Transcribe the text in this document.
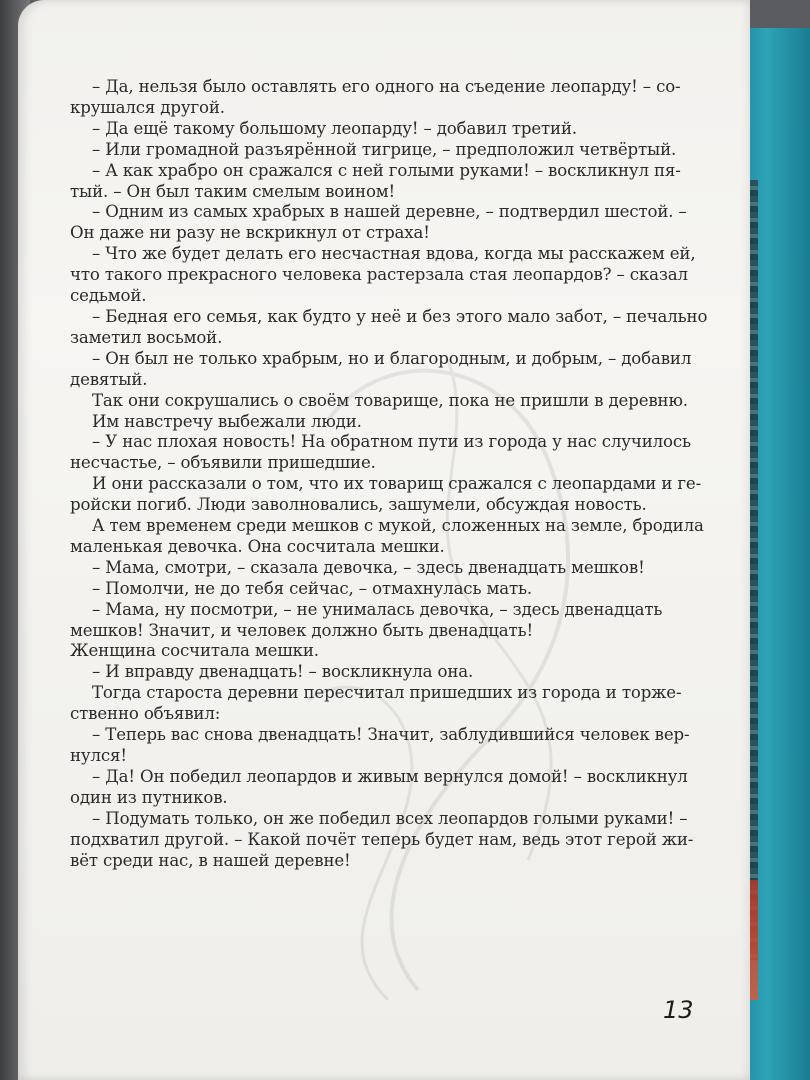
– Да, нельзя было оставлять его одного на съедение леопарду! – со-
крушался другой.
– Да ещё такому большому леопарду! – добавил третий.
– Или громадной разъярённой тигрице, – предположил четвёртый.
– А как храбро он сражался с ней голыми руками! – воскликнул пя-
тый. – Он был таким смелым воином!
– Одним из самых храбрых в нашей деревне, – подтвердил шестой. –
Он даже ни разу не вскрикнул от страха!
– Что же будет делать его несчастная вдова, когда мы расскажем ей,
что такого прекрасного человека растерзала стая леопардов? – сказал
седьмой.
– Бедная его семья, как будто у неё и без этого мало забот, – печально
заметил восьмой.
– Он был не только храбрым, но и благородным, и добрым, – добавил
девятый.
Так они сокрушались о своём товарище, пока не пришли в деревню.
Им навстречу выбежали люди.
– У нас плохая новость! На обратном пути из города у нас случилось
несчастье, – объявили пришедшие.
И они рассказали о том, что их товарищ сражался с леопардами и ге-
ройски погиб. Люди заволновались, зашумели, обсуждая новость.
А тем временем среди мешков с мукой, сложенных на земле, бродила
маленькая девочка. Она сосчитала мешки.
– Мама, смотри, – сказала девочка, – здесь двенадцать мешков!
– Помолчи, не до тебя сейчас, – отмахнулась мать.
– Мама, ну посмотри, – не унималась девочка, – здесь двенадцать
мешков! Значит, и человек должно быть двенадцать!
Женщина сосчитала мешки.
– И вправду двенадцать! – воскликнула она.
Тогда староста деревни пересчитал пришедших из города и торже-
ственно объявил:
– Теперь вас снова двенадцать! Значит, заблудившийся человек вер-
нулся!
– Да! Он победил леопардов и живым вернулся домой! – воскликнул
один из путников.
– Подумать только, он же победил всех леопардов голыми руками! –
подхватил другой. – Какой почёт теперь будет нам, ведь этот герой жи-
вёт среди нас, в нашей деревне!
13
